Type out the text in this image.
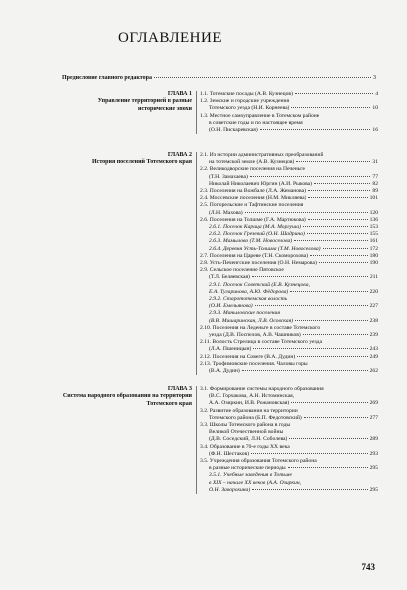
ОГЛАВЛЕНИЕ
Предисловие главного редактора	3
ГЛАВА 1
Управление территорией в разные исторические эпохи
1.1. Тотемские посады (А.В. Кузнецов)	4
1.2. Земские и городские учреждения
Тотемского уезда (Н.И. Корнеева)	10
1.3. Местное самоуправление в Тотемском районе
в советские годы и по настоящее время
(О.Н. Пискаревская)	16
ГЛАВА 2
История поселений Тотемского края
2.1. Из истории административных преобразований
на тотемской земле (А.В. Кузнецов)	31
2.2. Великодворские поселения на Печеньге
(Т.Н. Замахаева)	77
Николай Николаевич Юргин (А.И. Рыкова)	82
2.3. Поселения на Вожбале (Л.А. Жеманова)	89
2.4. Моссевские поселения (Н.М. Микляева)	101
2.5. Погорельские и Тафтинские поселения
(Л.Н. Махова)	120
2.6. Поселения на Толшме (Г.А. Мартюкова)	136
2.6.1. Поселок Карица (М.А. Моргуша)	153
2.6.2. Поселок Грезевий (О.Н. Шадрина)	155
2.6.3. Мамылово (Т.М. Новоселова)	161
2.6.4. Деревня Усть-Толшма (Т.М. Новоселова)	172
2.7. Поселения на Цареве (Т.Н. Скоморохова)	180
2.8. Усть-Печенгские поселения (О.Н. Немарова)	190
2.9. Сельское поселение Пятовское
(Т.Л. Беляевская)	211
2.9.1. Поселок Советский (Е.В. Кузнецова,
Е.А. Тугаринова, А.Ю. Фёдорова)	220
2.9.2. Старототемская волость
(О.И. Емельянова)	227
2.9.3. Маныловские поселения
(В.В. Мишаринская, Л.В. Осовская)	238
2.10. Поселения на Леденьге в составе Тотемского
уезда (Д.В. Поспелов, А.В. Чашников)	239
2.11. Волость Стрелица в составе Тотемского уезда
(Л.А. Пшеницын)	243
2.12. Поселения на Совеге (В.А. Дудин)	249
2.13. Трофимовские поселения. Чаловы горы
(В.А. Дудин)	262
ГЛАВА 3
Система народного образования на территории Тотемского края
3.1. Формирование системы народного образования
(В.С. Горчакова, А.Н. Истоминская,
А.А. Озиркин, И.В. Рожановская)	269
3.2. Развитие образования на территории
Тотемского района (Б.П. Федотовский)	277
3.3. Школы Тотемского района в годы
Великой Отечественной войны
(Д.В. Соседский, Л.Н. Соболева)	289
3.4. Образование в 70-е годы XX века
(Ф.Н. Шестаков)	293
3.5. Учреждения образования Тотемского района
в разные исторические периоды	295
3.5.1. Учебные заведения в Тотьме
в XIX – начале XX веков (А.А. Озиркин,
О.Н. Заворохина)	295
743
